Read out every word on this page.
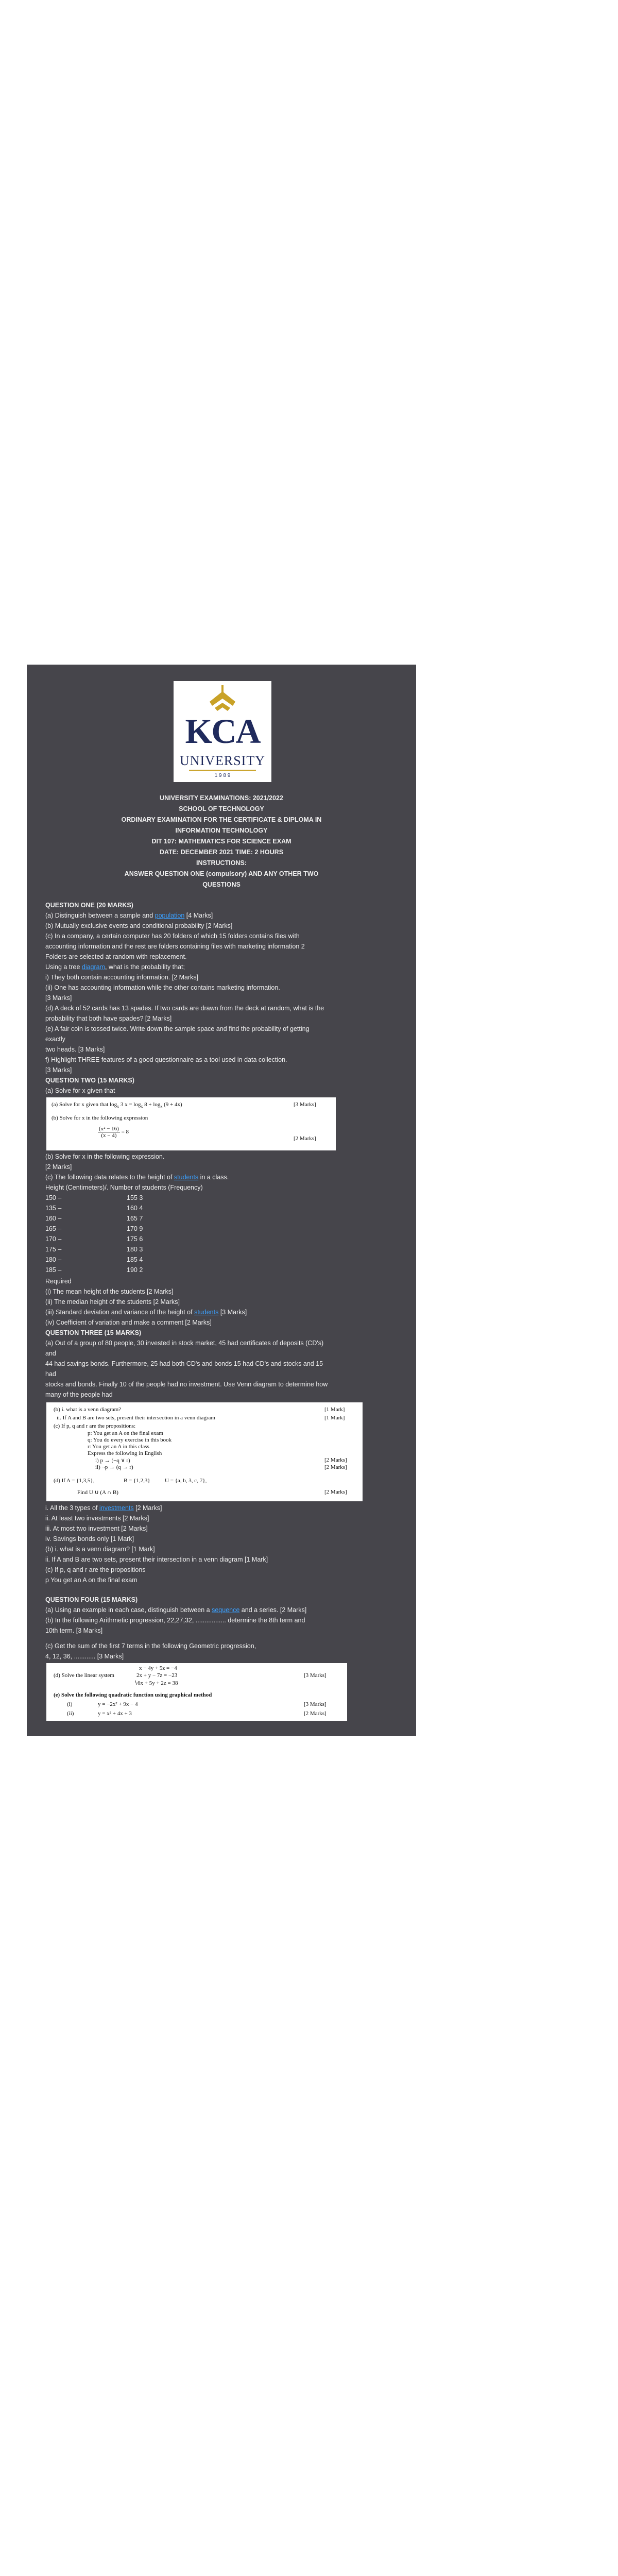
KCA
UNIVERSITY
1 9 8 9
UNIVERSITY EXAMINATIONS: 2021/2022
SCHOOL OF TECHNOLOGY
ORDINARY EXAMINATION FOR THE CERTIFICATE & DIPLOMA IN
INFORMATION TECHNOLOGY
DIT 107: MATHEMATICS FOR SCIENCE EXAM
DATE: DECEMBER 2021 TIME: 2 HOURS
INSTRUCTIONS:
ANSWER QUESTION ONE (compulsory) AND ANY OTHER TWO
QUESTIONS
QUESTION ONE (20 MARKS)
(a) Distinguish between a sample and population [4 Marks]
(b) Mutually exclusive events and conditional probability [2 Marks]
(c) In a company, a certain computer has 20 folders of which 15 folders contains files with
accounting information and the rest are folders containing files with marketing information 2
Folders are selected at random with replacement.
Using a tree diagram, what is the probability that;
i) They both contain accounting information. [2 Marks]
(ii) One has accounting information while the other contains marketing information.
[3 Marks]
(d) A deck of 52 cards has 13 spades. If two cards are drawn from the deck at random, what is the
probability that both have spades? [2 Marks]
(e) A fair coin is tossed twice. Write down the sample space and find the probability of getting
exactly
two heads. [3 Marks]
f) Highlight THREE features of a good questionnaire as a tool used in data collection.
[3 Marks]
QUESTION TWO (15 MARKS)
(a) Solve for x given that
(a) Solve for x given that $\log_x 3$ $x = \log_x 8 + \log_x (9 + 4x)$	[3 Marks]
(b) Solve for x in the following expression
$\frac{\text{(x² − 16)}}{(x - 4)} = 8$
[2 Marks]
(b) Solve for x in the following expression.
[2 Marks]
(c) The following data relates to the height of students in a class.
Height (Centimeters)/. Number of students (Frequency)
150 –	155 3
135 –	160 4
160 –	165 7
165 –	170 9
170 –	175 6
175 –	180 3
180 –	185 4
185 –	190 2
Required
(i) The mean height of the students [2 Marks]
(ii) The median height of the students [2 Marks]
(iii) Standard deviation and variance of the height of students [3 Marks]
(iv) Coefficient of variation and make a comment [2 Marks]
QUESTION THREE (15 MARKS)
(a) Out of a group of 80 people, 30 invested in stock market, 45 had certificates of deposits (CD's)
and
44 had savings bonds. Furthermore, 25 had both CD's and bonds 15 had CD's and stocks and 15
had
stocks and bonds. Finally 10 of the people had no investment. Use Venn diagram to determine how
many of the people had
(b) i. what is a venn diagram?	[1 Mark]
ii. If A and B are two sets, present their intersection in a venn diagram	[1 Mark]
(c) If p, q and r are the propositions:
p: You get an A on the final exam
q: You do every exercise in this book
r: You get an A in this class
Express the following in English
i) p → (¬q ∨ r)	[2 Marks]
ii) ¬p → (q → r)	[2 Marks]
(d) If A = {1,3,5},	B = {1,2,3}	U = {a, b, 3, c, 7},
Find U ∪ (A ∩ B)	[2 Marks]
i. All the 3 types of investments [2 Marks]
ii. At least two investments [2 Marks]
iii. At most two investment [2 Marks]
iv. Savings bonds only [1 Mark]
(b) i. what is a venn diagram? [1 Mark]
ii. If A and B are two sets, present their intersection in a venn diagram [1 Mark]
(c) If p, q and r are the propositions
p You get an A on the final exam
QUESTION FOUR (15 MARKS)
(b) In the following Arithmetic progression, 22,27,32, ................. determine the 8th term and
10th term. [3 Marks]
(c) Get the sum of the first 7 terms in the following Geometric progression,
4, 12, 36, ............ [3 Marks]
(a) Using an example in each case, distinguish between a sequence and a series. [2 Marks]
(d) Solve the linear system
x − 4y + 5z = −4
2x + y − 7z = −23
∖6x + 5y + 2z = 38
[3 Marks]
(e) Solve the following quadratic function using graphical method
(i)	y = −2x² + 9x − 4	[3 Marks]
(ii)	y = x² + 4x + 3	[2 Marks]
